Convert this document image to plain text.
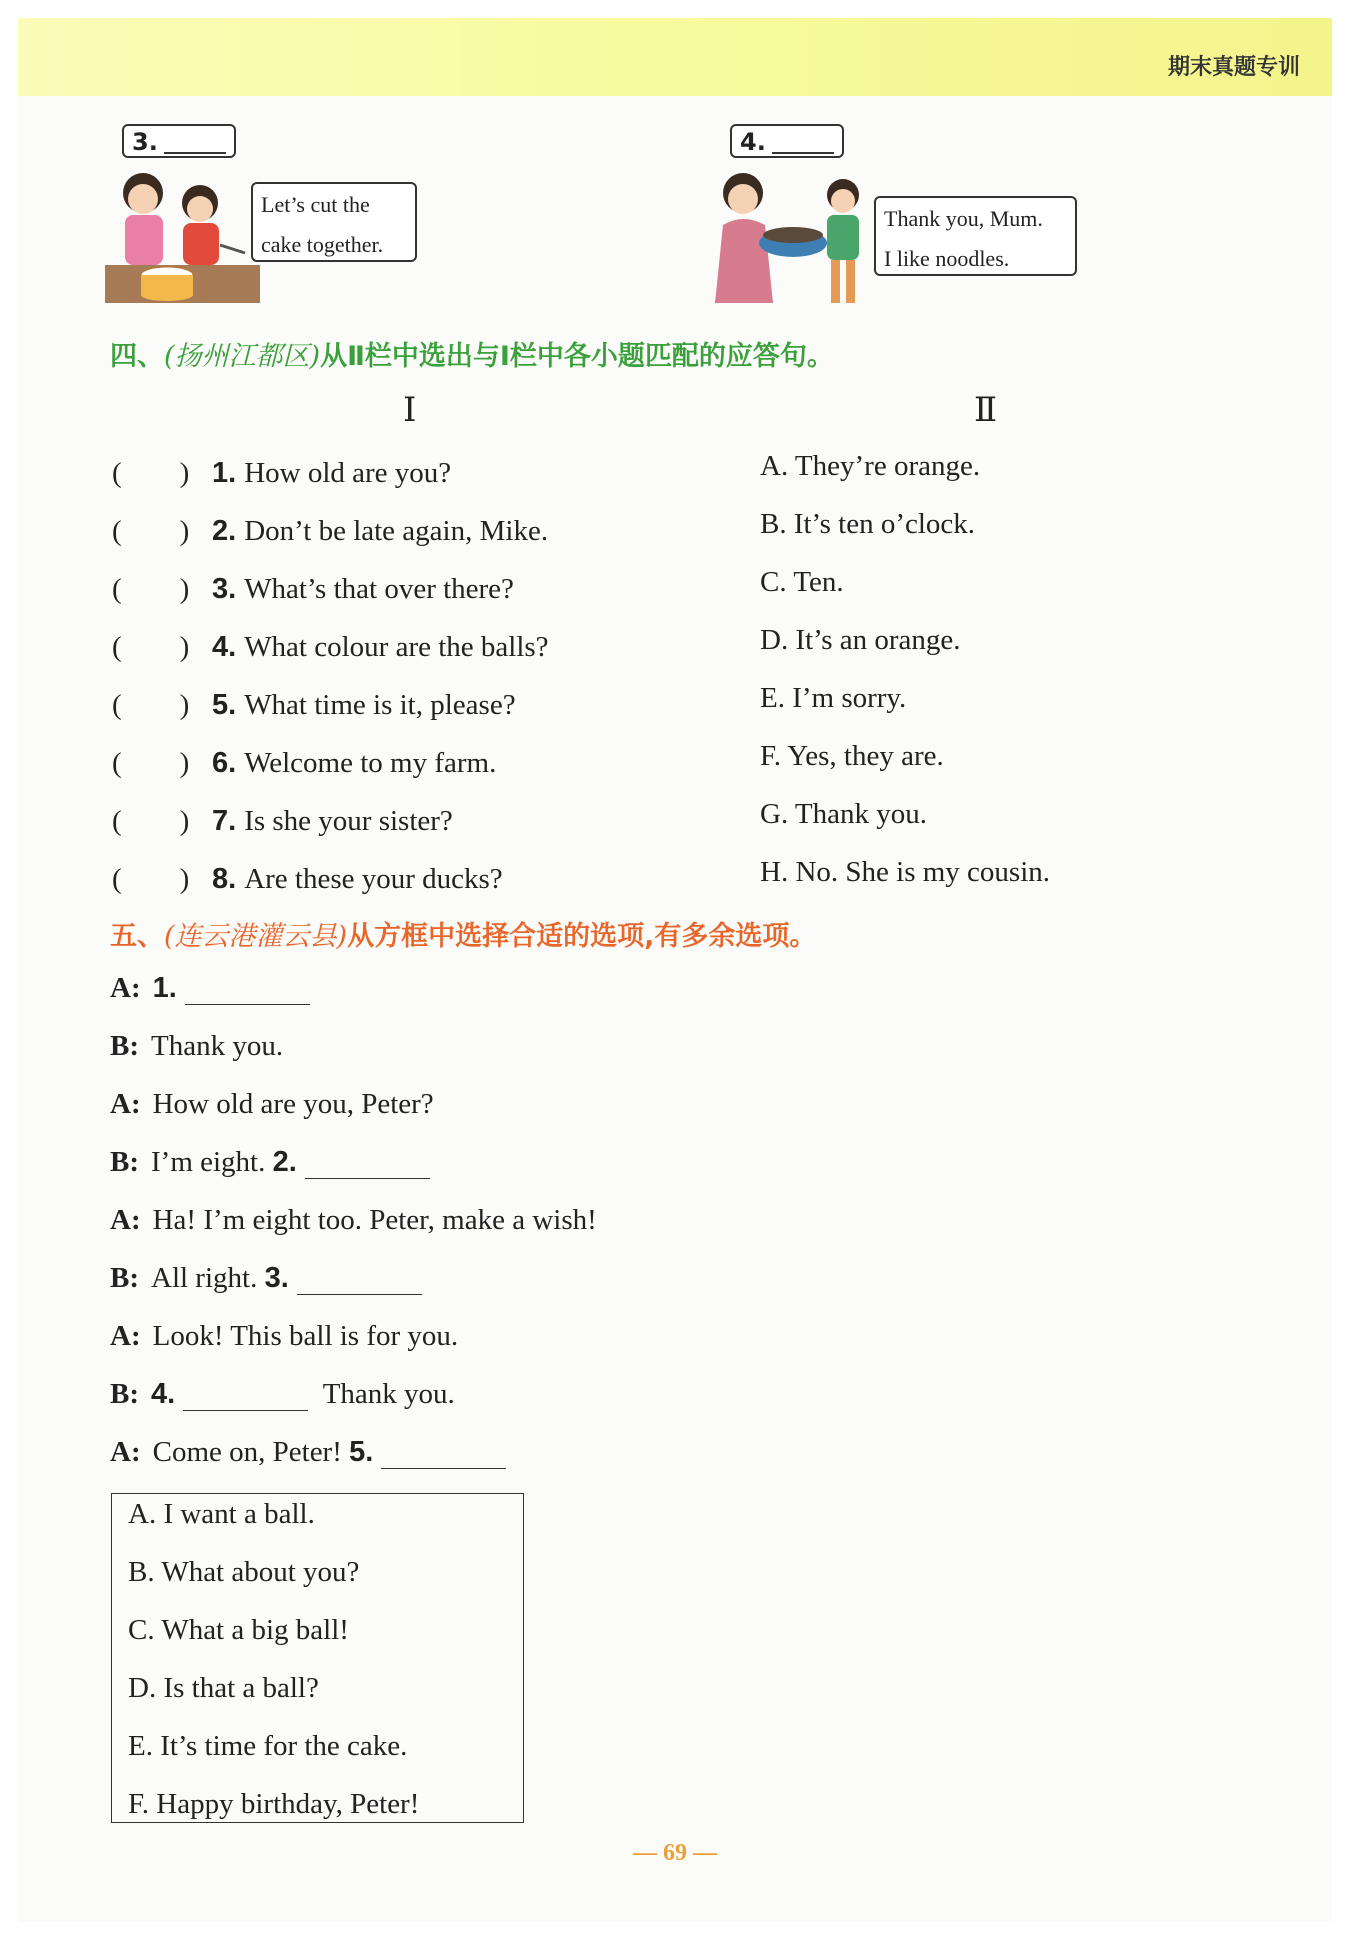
期末真题专训
3.
Let’s cut the
cake together.
4.
Thank you, Mum.
I like noodles.
四、(扬州江都区)从Ⅱ栏中选出与Ⅰ栏中各小题匹配的应答句。
Ⅰ	Ⅱ
(　　) 1. How old are you?
(　　) 2. Don’t be late again, Mike.
(　　) 3. What’s that over there?
(　　) 4. What colour are the balls?
(　　) 5. What time is it, please?
(　　) 6. Welcome to my farm.
(　　) 7. Is she your sister?
(　　) 8. Are these your ducks?
A. They’re orange.
B. It’s ten o’clock.
C. Ten.
D. It’s an orange.
E. I’m sorry.
F. Yes, they are.
G. Thank you.
H. No. She is my cousin.
五、(连云港灌云县)从方框中选择合适的选项,有多余选项。
A: 1.
B: Thank you.
A: How old are you, Peter?
B: I’m eight. 2.
A: Ha! I’m eight too. Peter, make a wish!
B: All right. 3.
A: Look! This ball is for you.
B: 4.	Thank you.
A: Come on, Peter! 5.
A. I want a ball.
B. What about you?
C. What a big ball!
D. Is that a ball?
E. It’s time for the cake.
F. Happy birthday, Peter!
— 69 —
